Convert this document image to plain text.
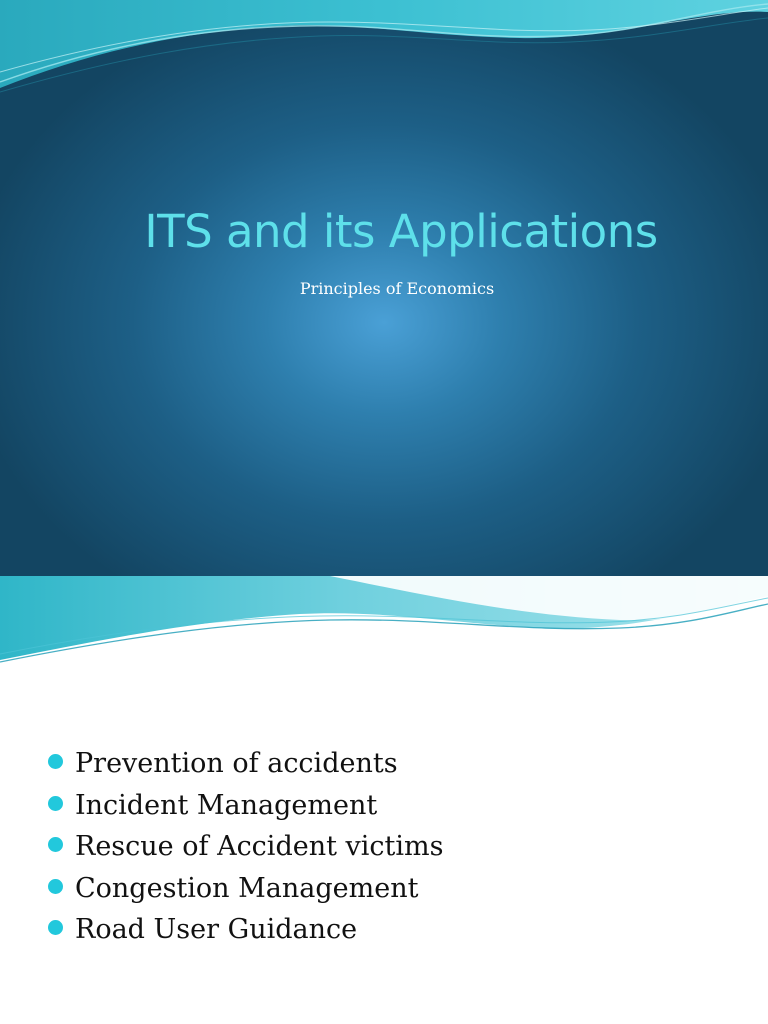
ITS and its Applications
Principles of Economics
Prevention of accidents
Incident Management
Rescue of Accident victims
Congestion Management
Road User Guidance
